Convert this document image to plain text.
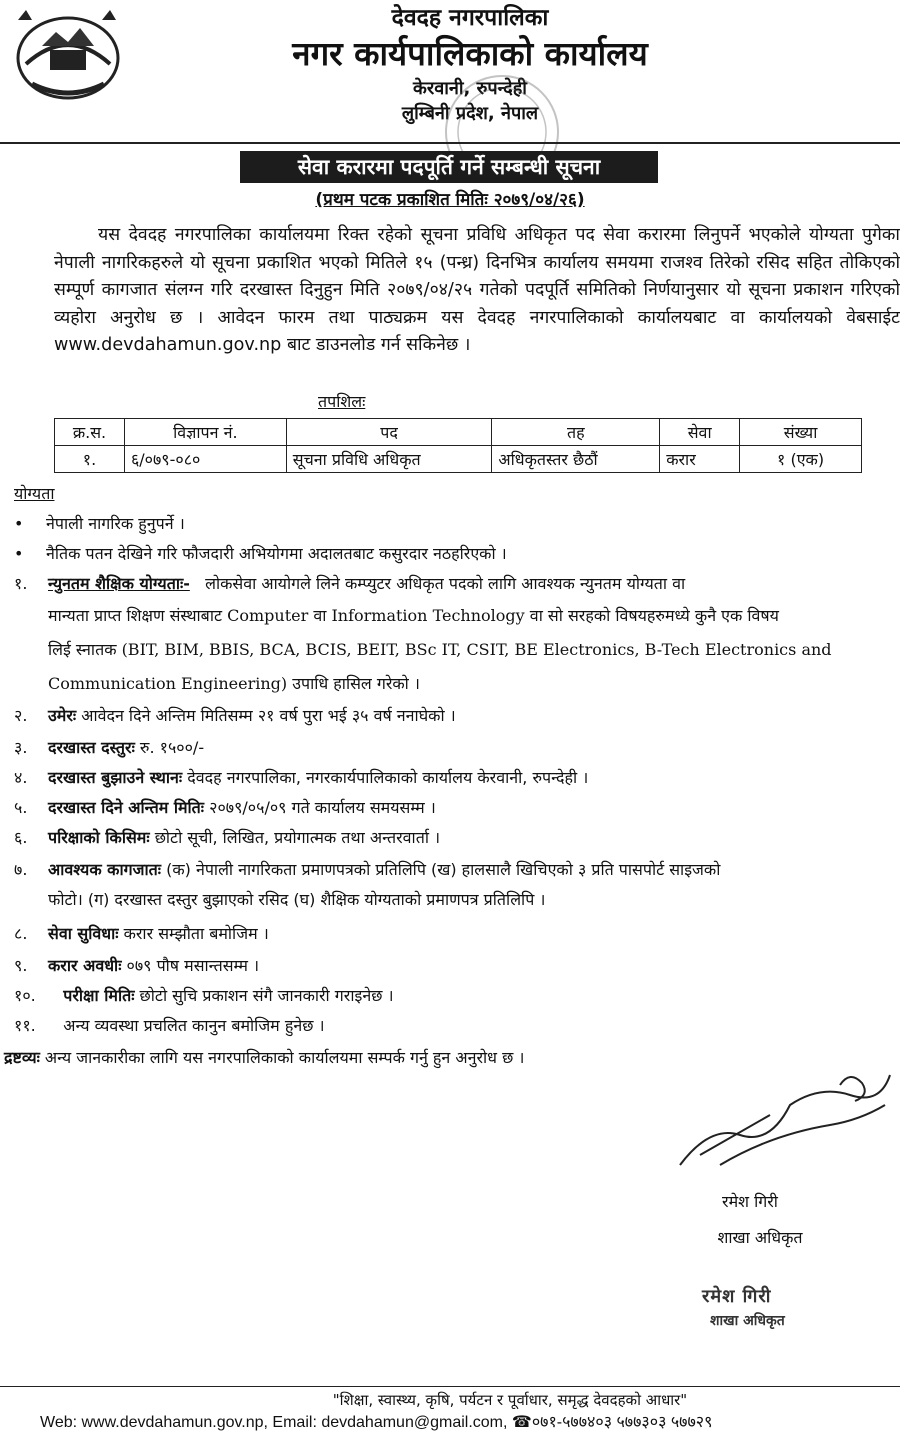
देवदह नगरपालिका
नगर कार्यपालिकाको कार्यालय
केरवानी, रुपन्देही
लुम्बिनी प्रदेश, नेपाल
सेवा करारमा पदपूर्ति गर्ने सम्बन्धी सूचना
(प्रथम पटक प्रकाशित मितिः २०७९/०४/२६)
यस देवदह नगरपालिका कार्यालयमा रिक्त रहेको सूचना प्रविधि अधिकृत पद सेवा करारमा लिनुपर्ने भएकोले योग्यता पुगेका नेपाली नागरिकहरुले यो सूचना प्रकाशित भएको मितिले १५ (पन्ध्र) दिनभित्र कार्यालय समयमा राजश्व तिरेको रसिद सहित तोकिएको सम्पूर्ण कागजात संलग्न गरि दरखास्त दिनुहुन मिति २०७९/०४/२५ गतेको पदपूर्ति समितिको निर्णयानुसार यो सूचना प्रकाशन गरिएको व्यहोरा अनुरोध छ । आवेदन फारम तथा पाठ्यक्रम यस देवदह नगरपालिकाको कार्यालयबाट वा कार्यालयको वेबसाईट www.devdahamun.gov.np बाट डाउनलोड गर्न सकिनेछ ।
तपशिलः
क्र.स.	विज्ञापन नं.	पद	तह	सेवा	संख्या
१.	६/०७९-०८०	सूचना प्रविधि अधिकृत	अधिकृतस्तर छैठौं	करार	१ (एक)
योग्यता
• नेपाली नागरिक हुनुपर्ने ।
• नैतिक पतन देखिने गरि फौजदारी अभियोगमा अदालतबाट कसुरदार नठहरिएको ।
१. न्युनतम शैक्षिक योग्यताः- लोकसेवा आयोगले लिने कम्प्युटर अधिकृत पदको लागि आवश्यक न्युनतम योग्यता वा
मान्यता प्राप्त शिक्षण संस्थाबाट Computer वा Information Technology वा सो सरहको विषयहरुमध्ये कुनै एक विषय
लिई स्नातक (BIT, BIM, BBIS, BCA, BCIS, BEIT, BSc IT, CSIT, BE Electronics, B-Tech Electronics and
Communication Engineering) उपाधि हासिल गरेको ।
२. उमेरः आवेदन दिने अन्तिम मितिसम्म २१ वर्ष पुरा भई ३५ वर्ष ननाघेको ।
३. दरखास्त दस्तुरः रु. १५००/-
४. दरखास्त बुझाउने स्थानः देवदह नगरपालिका, नगरकार्यपालिकाको कार्यालय केरवानी, रुपन्देही ।
५. दरखास्त दिने अन्तिम मितिः २०७९/०५/०९ गते कार्यालय समयसम्म ।
६. परिक्षाको किसिमः छोटो सूची, लिखित, प्रयोगात्मक तथा अन्तरवार्ता ।
७. आवश्यक कागजातः (क) नेपाली नागरिकता प्रमाणपत्रको प्रतिलिपि (ख) हालसालै खिचिएको ३ प्रति पासपोर्ट साइजको
फोटो। (ग) दरखास्त दस्तुर बुझाएको रसिद (घ) शैक्षिक योग्यताको प्रमाणपत्र प्रतिलिपि ।
८. सेवा सुविधाः करार सम्झौता बमोजिम ।
९. करार अवधीः ०७९ पौष मसान्तसम्म ।
१०. परीक्षा मितिः छोटो सुचि प्रकाशन संगै जानकारी गराइनेछ ।
११. अन्य व्यवस्था प्रचलित कानुन बमोजिम हुनेछ ।
द्रष्टव्यः अन्य जानकारीका लागि यस नगरपालिकाको कार्यालयमा सम्पर्क गर्नु हुन अनुरोध छ ।
रमेश गिरी
शाखा अधिकृत
रमेश गिरी
शाखा अधिकृत
"शिक्षा, स्वास्थ्य, कृषि, पर्यटन र पूर्वाधार, समृद्ध देवदहको आधार"
Web: www.devdahamun.gov.np, Email: devdahamun@gmail.com, ☎०७१-५७७४०३ ५७७३०३ ५७७२९
